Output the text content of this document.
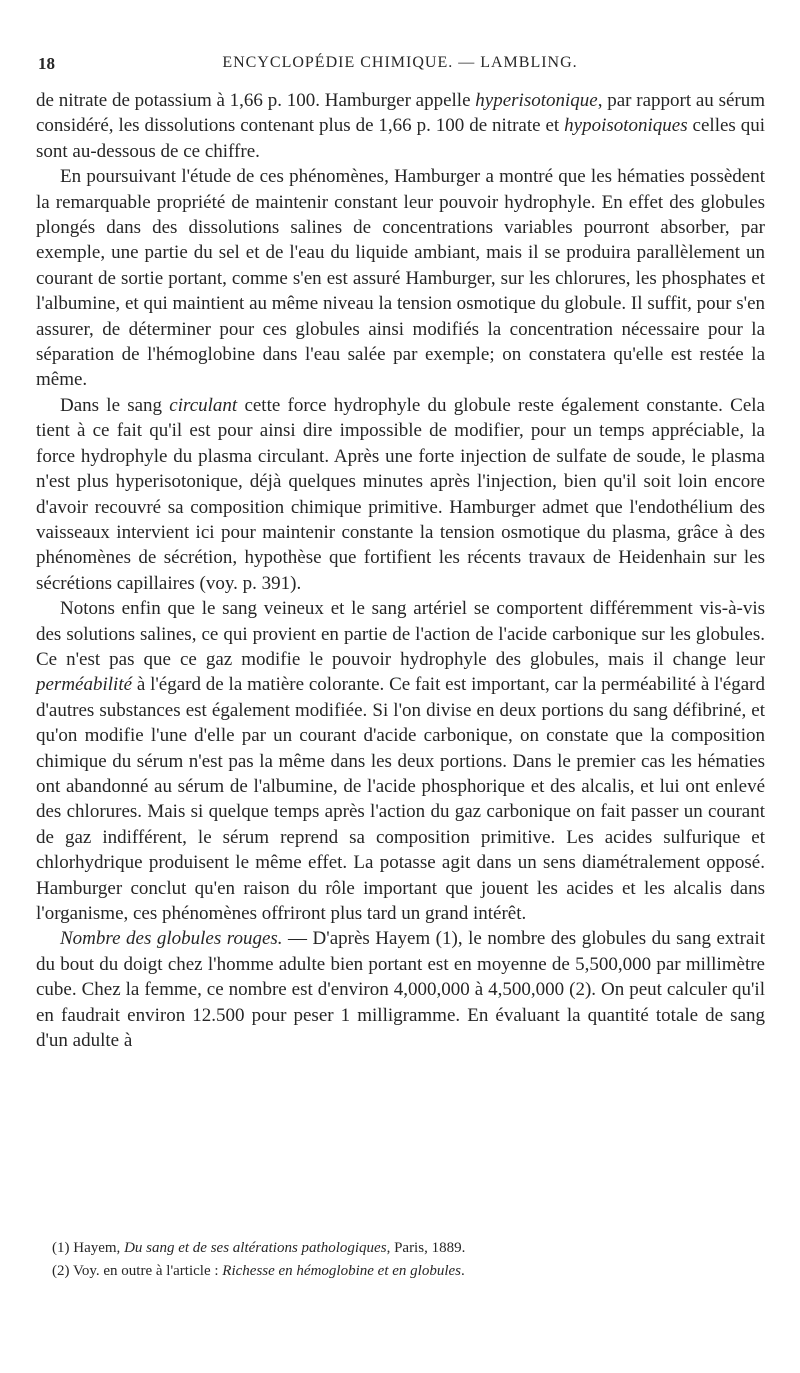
18	ENCYCLOPÉDIE CHIMIQUE. — LAMBLING.

de nitrate de potassium à 1,66 p. 100. Hamburger appelle hyperisotonique, par rapport au sérum considéré, les dissolutions contenant plus de 1,66 p. 100 de nitrate et hypoisotoniques celles qui sont au-dessous de ce chiffre.

En poursuivant l'étude de ces phénomènes, Hamburger a montré que les hématies possèdent la remarquable propriété de maintenir constant leur pouvoir hydrophyle. En effet des globules plongés dans des dissolutions salines de concentrations variables pourront absorber, par exemple, une partie du sel et de l'eau du liquide ambiant, mais il se produira parallèlement un courant de sortie portant, comme s'en est assuré Hamburger, sur les chlorures, les phosphates et l'albumine, et qui maintient au même niveau la tension osmotique du globule. Il suffit, pour s'en assurer, de déterminer pour ces globules ainsi modifiés la concentration nécessaire pour la séparation de l'hémoglobine dans l'eau salée par exemple; on constatera qu'elle est restée la même.

Dans le sang circulant cette force hydrophyle du globule reste également constante. Cela tient à ce fait qu'il est pour ainsi dire impossible de modifier, pour un temps appréciable, la force hydrophyle du plasma circulant. Après une forte injection de sulfate de soude, le plasma n'est plus hyperisotonique, déjà quelques minutes après l'injection, bien qu'il soit loin encore d'avoir recouvré sa composition chimique primitive. Hamburger admet que l'endothélium des vaisseaux intervient ici pour maintenir constante la tension osmotique du plasma, grâce à des phénomènes de sécrétion, hypothèse que fortifient les récents travaux de Heidenhain sur les sécrétions capillaires (voy. p. 391).

Notons enfin que le sang veineux et le sang artériel se comportent différemment vis-à-vis des solutions salines, ce qui provient en partie de l'action de l'acide carbonique sur les globules. Ce n'est pas que ce gaz modifie le pouvoir hydrophyle des globules, mais il change leur perméabilité à l'égard de la matière colorante. Ce fait est important, car la perméabilité à l'égard d'autres substances est également modifiée. Si l'on divise en deux portions du sang défibriné, et qu'on modifie l'une d'elle par un courant d'acide carbonique, on constate que la composition chimique du sérum n'est pas la même dans les deux portions. Dans le premier cas les hématies ont abandonné au sérum de l'albumine, de l'acide phosphorique et des alcalis, et lui ont enlevé des chlorures. Mais si quelque temps après l'action du gaz carbonique on fait passer un courant de gaz indifférent, le sérum reprend sa composition primitive. Les acides sulfurique et chlorhydrique produisent le même effet. La potasse agit dans un sens diamétralement opposé. Hamburger conclut qu'en raison du rôle important que jouent les acides et les alcalis dans l'organisme, ces phénomènes offriront plus tard un grand intérêt.

Nombre des globules rouges. — D'après Hayem (1), le nombre des globules du sang extrait du bout du doigt chez l'homme adulte bien portant est en moyenne de 5,500,000 par millimètre cube. Chez la femme, ce nombre est d'environ 4,000,000 à 4,500,000 (2). On peut calculer qu'il en faudrait environ 12.500 pour peser 1 milligramme. En évaluant la quantité totale de sang d'un adulte à

(1) Hayem, Du sang et de ses altérations pathologiques, Paris, 1889.

(2) Voy. en outre à l'article : Richesse en hémoglobine et en globules.
